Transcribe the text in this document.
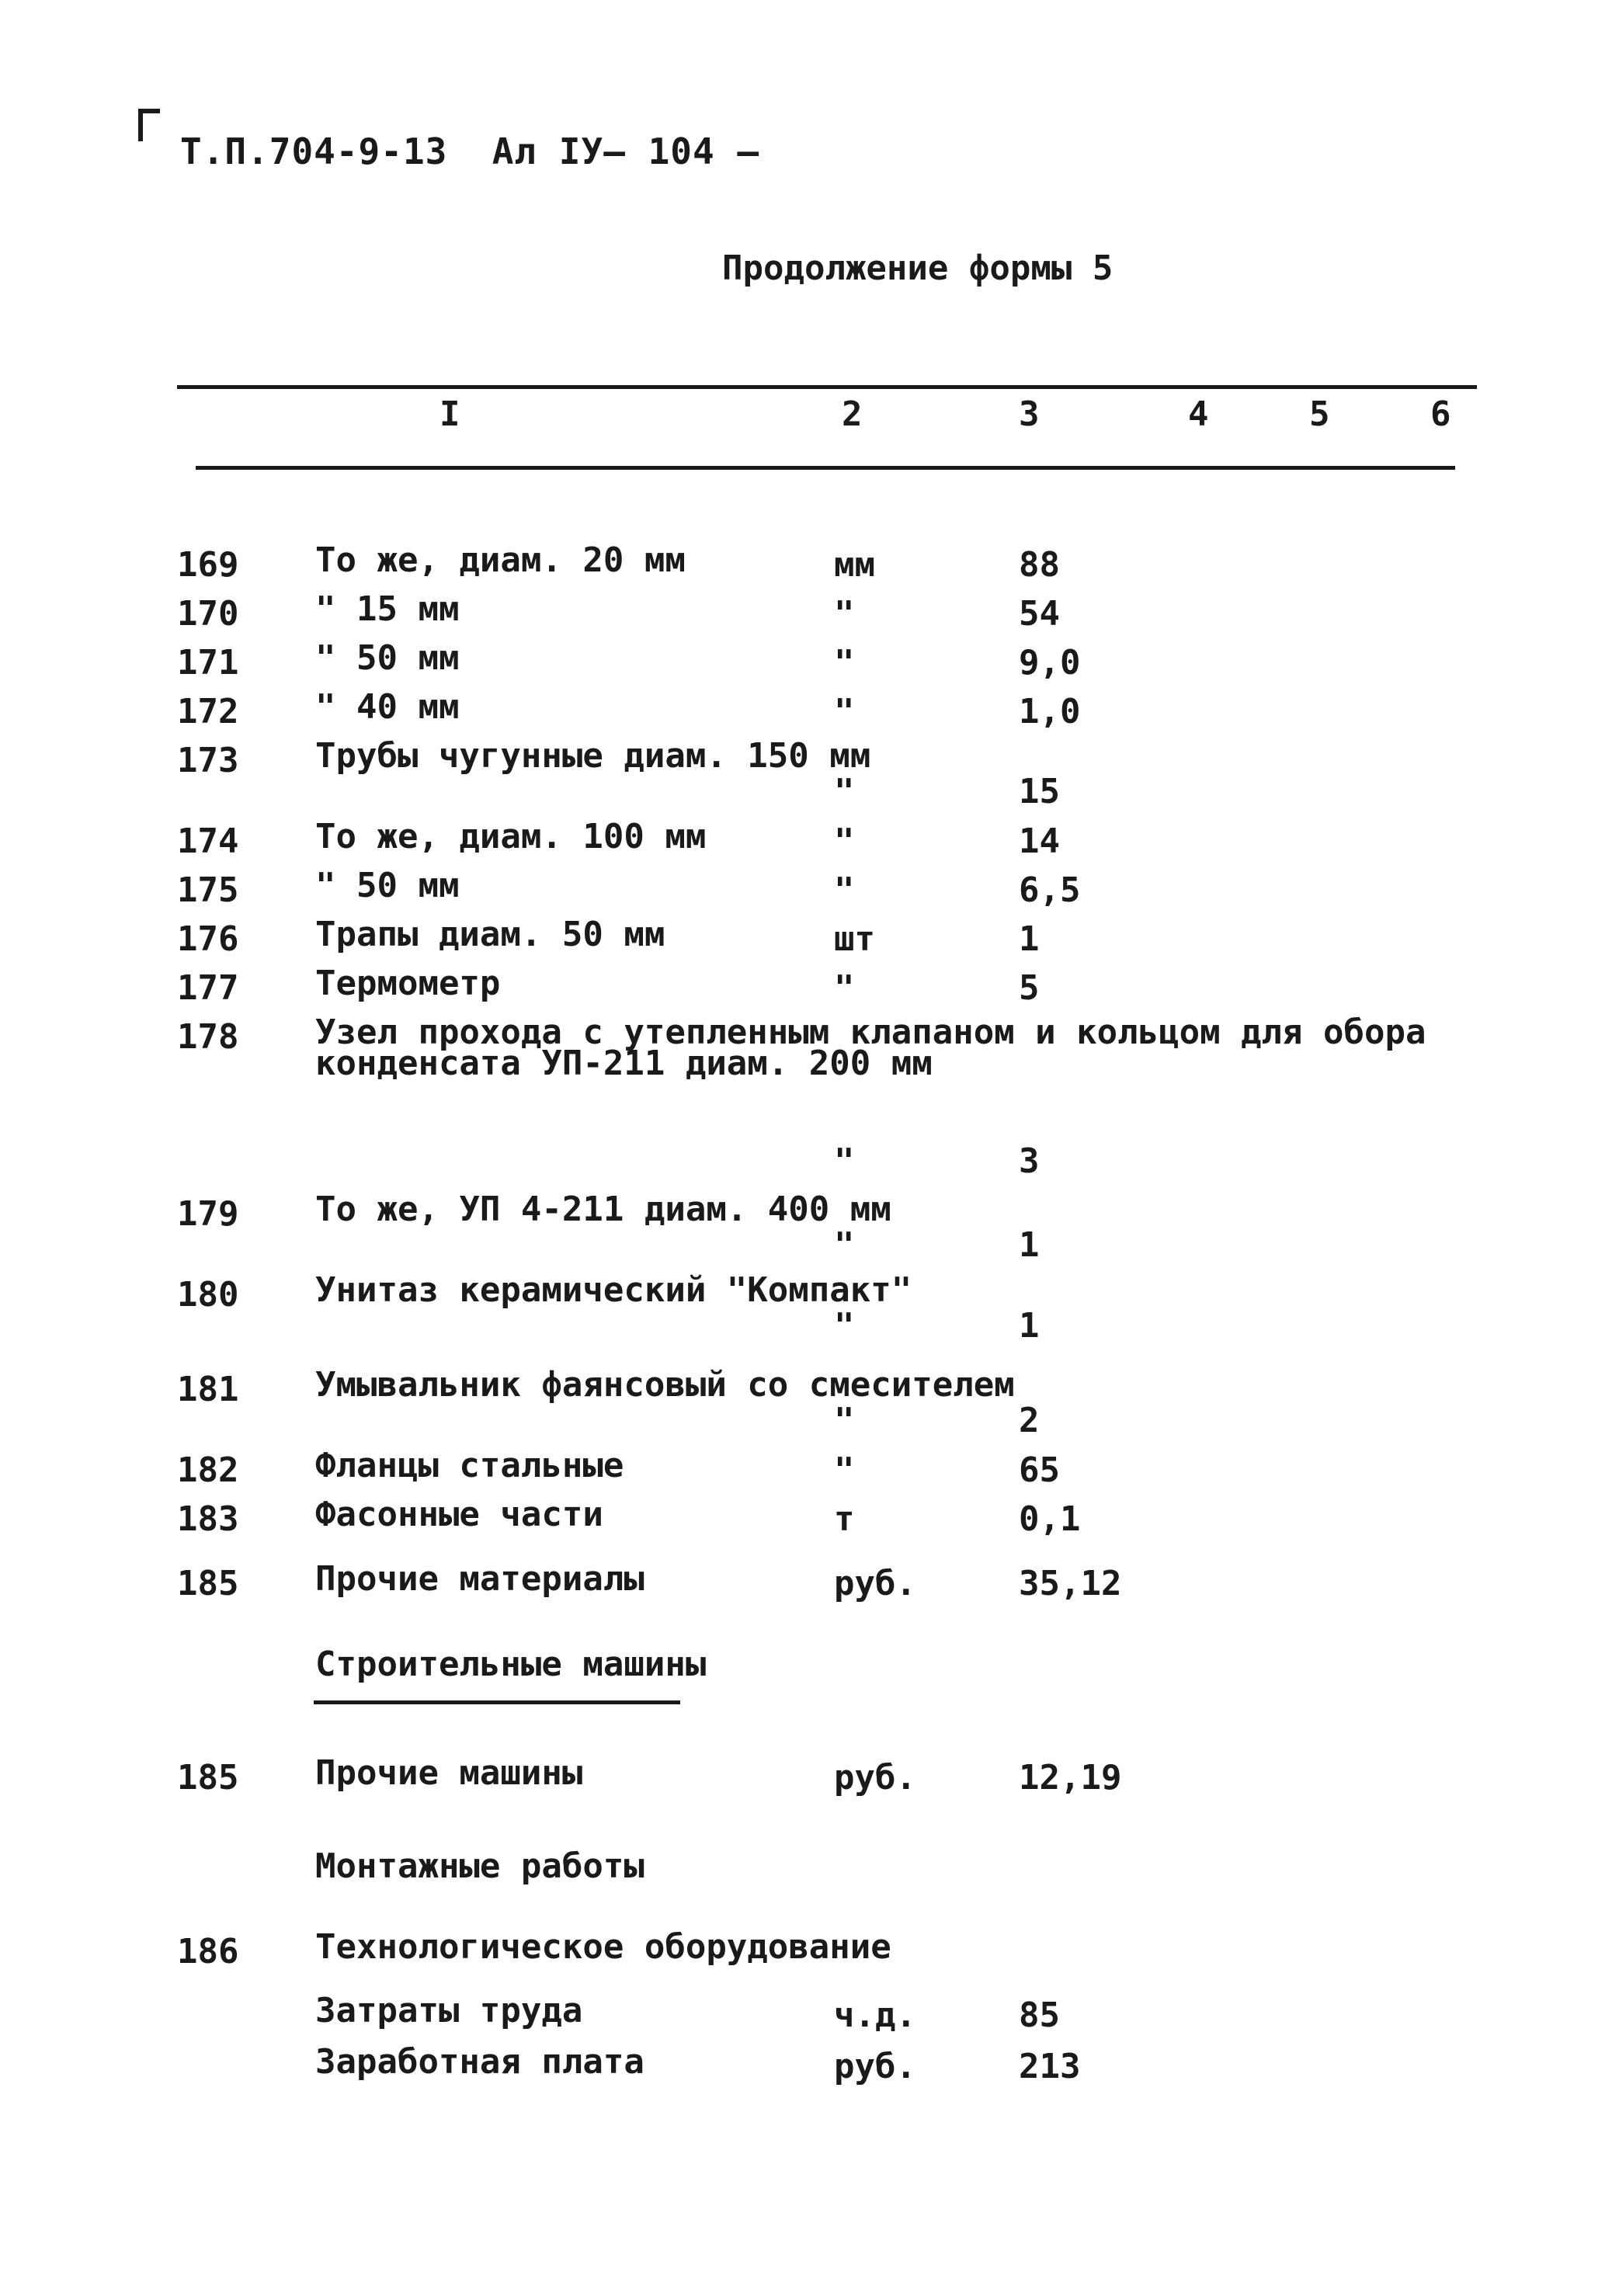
Т.П.704-9-13  Ал IУ— 104 —
Продолжение формы 5
I	2	3	4	5	6
169 То же, диам. 20 мм	мм	88
170 " 15 мм	"	54
171 " 50 мм	"	9,0
172 " 40 мм	"	1,0
173 Трубы чугунные диам. 150 мм
"	15
174 То же, диам. 100 мм	"	14
175 " 50 мм	"	6,5
176 Трапы диам. 50 мм	шт	1
177 Термометр	"	5
178 Узел прохода с утепленным клапаном и кольцом для обора конденсата УП-211 диам. 200 мм
"	3
179 То же, УП 4-211 диам. 400 мм
"	1
180 Унитаз керамический "Компакт"
"	1
181 Умывальник фаянсовый со смесителем
"	2
182 Фланцы стальные	"	65
183 Фасонные части	т	0,1
185 Прочие материалы	руб.	35,12
Строительные машины
185 Прочие машины	руб.	12,19
Монтажные работы
186 Технологическое оборудование
Затраты труда	ч.д.	85
Заработная плата	руб.	213
